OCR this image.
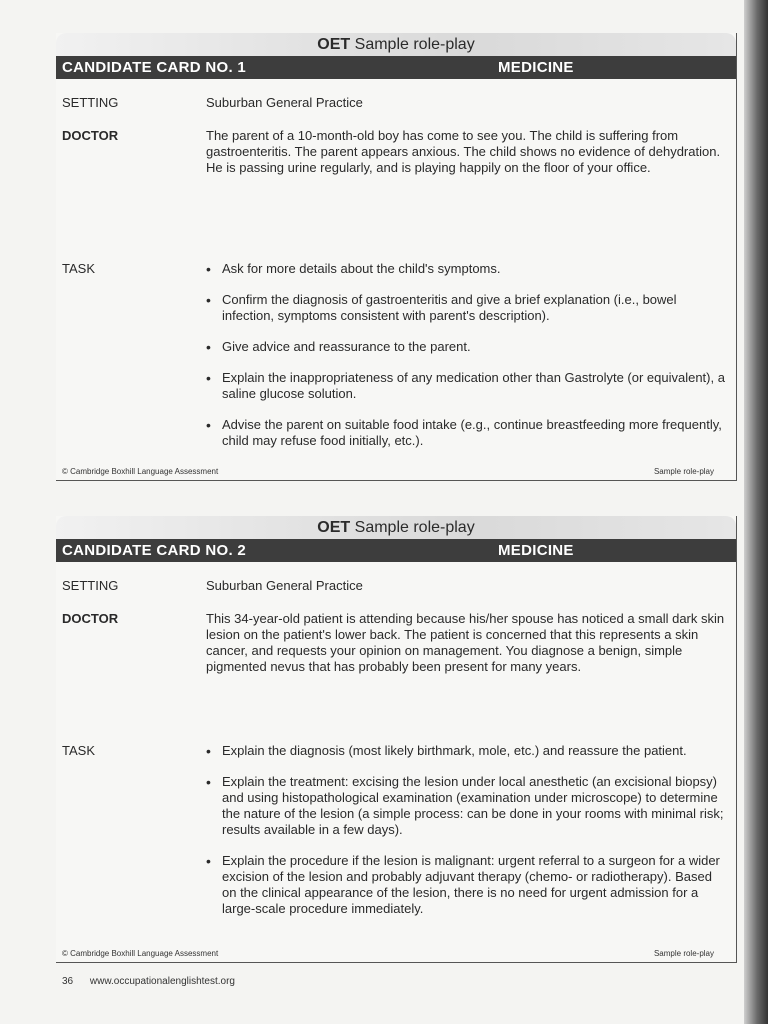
OET Sample role-play
CANDIDATE CARD NO. 1	MEDICINE
SETTING	Suburban General Practice
DOCTOR	The parent of a 10-month-old boy has come to see you. The child is suffering from gastroenteritis. The parent appears anxious. The child shows no evidence of dehydration. He is passing urine regularly, and is playing happily on the floor of your office.
TASK	• Ask for more details about the child's symptoms.
• Confirm the diagnosis of gastroenteritis and give a brief explanation (i.e., bowel infection, symptoms consistent with parent's description).
• Give advice and reassurance to the parent.
• Explain the inappropriateness of any medication other than Gastrolyte (or equivalent), a saline glucose solution.
• Advise the parent on suitable food intake (e.g., continue breastfeeding more frequently, child may refuse food initially, etc.).
© Cambridge Boxhill Language Assessment	Sample role-play
OET Sample role-play
CANDIDATE CARD NO. 2	MEDICINE
SETTING	Suburban General Practice
DOCTOR	This 34-year-old patient is attending because his/her spouse has noticed a small dark skin lesion on the patient's lower back. The patient is concerned that this represents a skin cancer, and requests your opinion on management. You diagnose a benign, simple pigmented nevus that has probably been present for many years.
TASK	• Explain the diagnosis (most likely birthmark, mole, etc.) and reassure the patient.
• Explain the treatment: excising the lesion under local anesthetic (an excisional biopsy) and using histopathological examination (examination under microscope) to determine the nature of the lesion (a simple process: can be done in your rooms with minimal risk; results available in a few days).
• Explain the procedure if the lesion is malignant: urgent referral to a surgeon for a wider excision of the lesion and probably adjuvant therapy (chemo- or radiotherapy). Based on the clinical appearance of the lesion, there is no need for urgent admission for a large-scale procedure immediately.
© Cambridge Boxhill Language Assessment	Sample role-play
36 www.occupationalenglishtest.org
